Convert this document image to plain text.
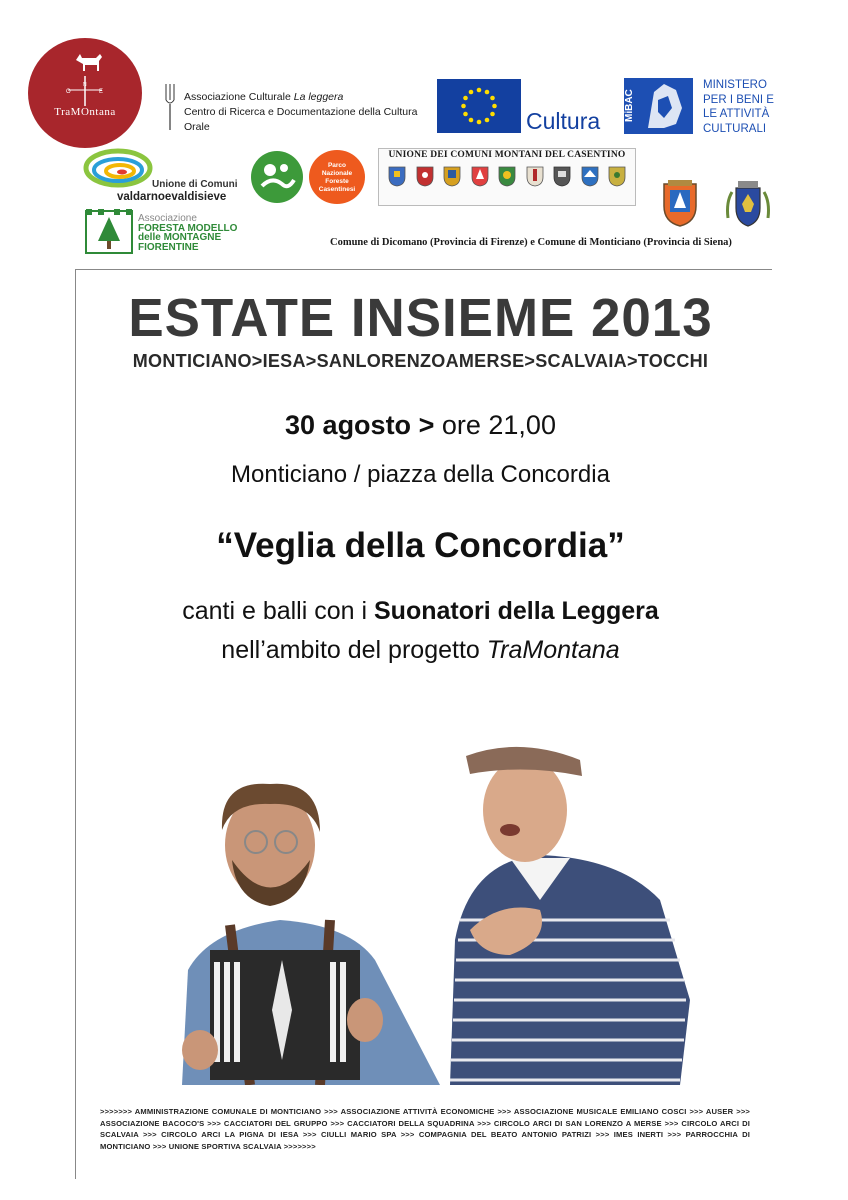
O	E
N
TraMOntana
Associazione Culturale La leggera
Centro di Ricerca e Documentazione della Cultura Orale	Cultura MiBAC
MINISTERO
PER I BENI E
LE ATTIVITÀ
CULTURALI
Unione di Comuni
valdarnoevaldisieve
Associazione
FORESTA MODELLO
delle MONTAGNE
FIORENTINE
Parco
Nazionale
Foreste
Casentinesi
UNIONE DEI COMUNI MONTANI DEL CASENTINO
Comune di Dicomano (Provincia di Firenze) e Comune di Monticiano (Provincia di Siena)
ESTATE INSIEME 2013
MONTICIANO>IESA>SANLORENZOAMERSE>SCALVAIA>TOCCHI
30 agosto > ore 21,00
Monticiano / piazza della Concordia
“Veglia della Concordia”
canti e balli con i Suonatori della Leggera
nell’ambito del progetto TraMontana
>>>>>>> AMMINISTRAZIONE COMUNALE DI MONTICIANO >>> ASSOCIAZIONE ATTIVITÀ ECONOMICHE >>> ASSOCIAZIONE MUSICALE EMILIANO COSCI >>> AUSER >>> ASSOCIAZIONE BACOCO'S >>> CACCIATORI DEL GRUPPO >>> CACCIATORI DELLA SQUADRINA >>> CIRCOLO ARCI DI SAN LORENZO A MERSE >>> CIRCOLO ARCI DI SCALVAIA >>> CIRCOLO ARCI LA PIGNA DI IESA >>> CIULLI MARIO SPA >>> COMPAGNIA DEL BEATO ANTONIO PATRIZI >>> IMES INERTI >>> PARROCCHIA DI MONTICIANO >>> UNIONE SPORTIVA SCALVAIA >>>>>>>
